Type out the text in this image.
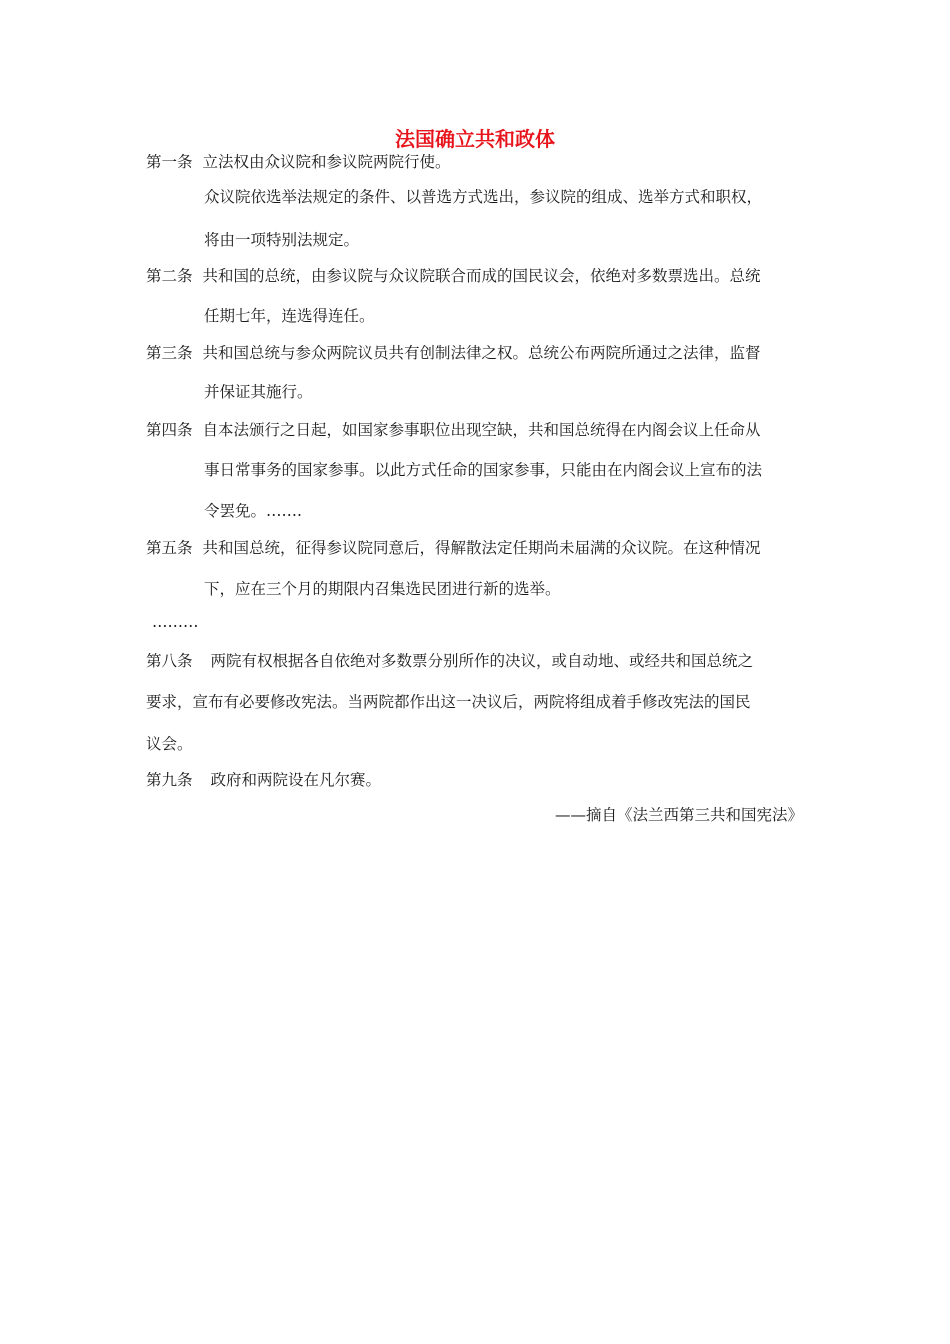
法国确立共和政体
第一条 立法权由众议院和参议院两院行使。
众议院依选举法规定的条件、以普选方式选出，参议院的组成、选举方式和职权，
将由一项特别法规定。
第二条 共和国的总统，由参议院与众议院联合而成的国民议会，依绝对多数票选出。总统
任期七年，连选得连任。
第三条 共和国总统与参众两院议员共有创制法律之权。总统公布两院所通过之法律，监督
并保证其施行。
第四条 自本法颁行之日起，如国家参事职位出现空缺，共和国总统得在内阁会议上任命从
事日常事务的国家参事。以此方式任命的国家参事，只能由在内阁会议上宣布的法
令罢免。…….
第五条 共和国总统，征得参议院同意后，得解散法定任期尚未届满的众议院。在这种情况
下，应在三个月的期限内召集选民团进行新的选举。
………
第八条 两院有权根据各自依绝对多数票分别所作的决议，或自动地、或经共和国总统之
要求，宣布有必要修改宪法。当两院都作出这一决议后，两院将组成着手修改宪法的国民
议会。
第九条 政府和两院设在凡尔赛。
——摘自《法兰西第三共和国宪法》
